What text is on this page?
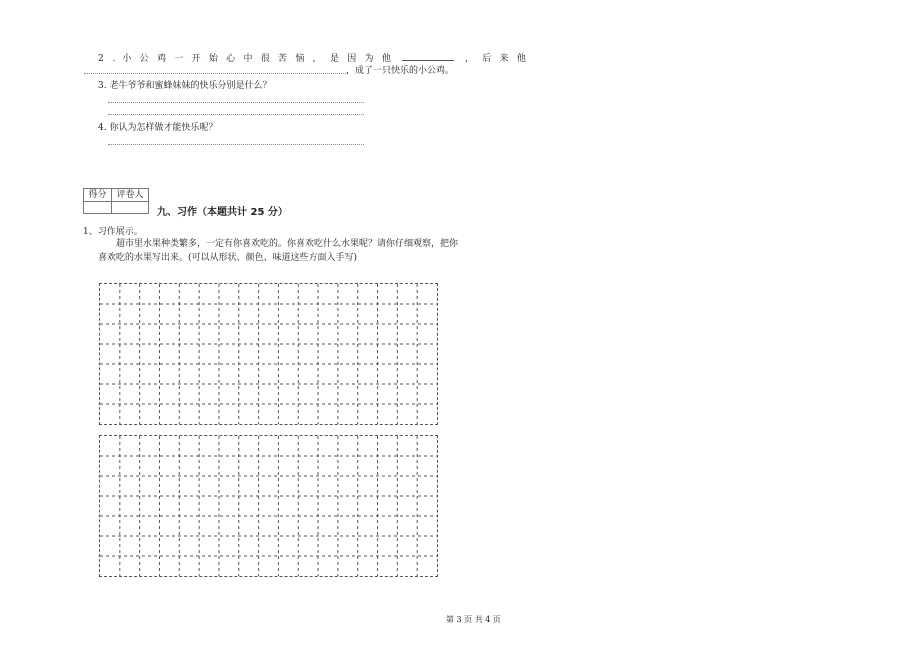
2 . 小公鸡一开始心中很苦恼，是因为他	，后来他
，成了一只快乐的小公鸡。
3. 老牛爷爷和蜜蜂妹妹的快乐分别是什么？
4. 你认为怎样做才能快乐呢？
得分	评卷人
九、习作（本题共计 25 分）
1、习作展示。
超市里水果种类繁多，一定有你喜欢吃的。你喜欢吃什么水果呢？请你仔细观察，把你
喜欢吃的水果写出来。(可以从形状、颜色、味道这些方面入手写)
第 3 页 共 4 页
